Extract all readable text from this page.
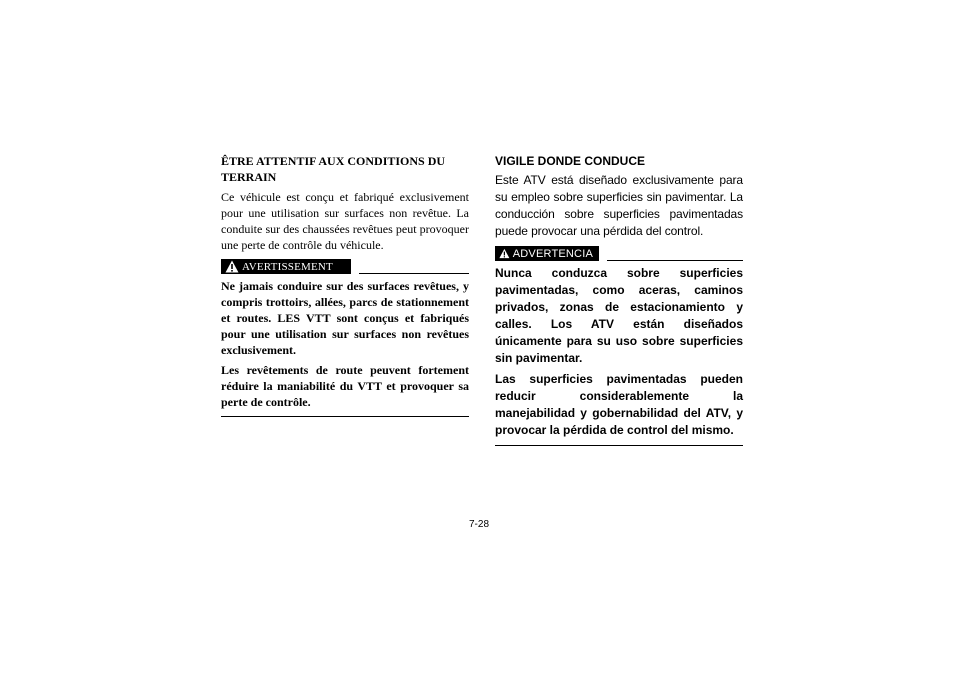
ÊTRE ATTENTIF AUX CONDITIONS DU TERRAIN
Ce véhicule est conçu et fabriqué exclusivement pour une utilisation sur surfaces non revêtue. La conduite sur des chaussées revêtues peut provoquer une perte de contrôle du véhicule.
AVERTISSEMENT
Ne jamais conduire sur des surfaces revêtues, y compris trottoirs, allées, parcs de stationnement et routes. LES VTT sont conçus et fabriqués pour une utilisation sur surfaces non revêtues exclusivement.
Les revêtements de route peuvent fortement réduire la maniabilité du VTT et provoquer sa perte de contrôle.
VIGILE DONDE CONDUCE
Este ATV está diseñado exclusivamente para su empleo sobre superficies sin pavimentar. La conducción sobre superficies pavimentadas puede provocar una pérdida del control.
ADVERTENCIA
Nunca conduzca sobre superficies pavimentadas, como aceras, caminos privados, zonas de estacionamiento y calles. Los ATV están diseñados únicamente para su uso sobre superficies sin pavimentar.
Las superficies pavimentadas pueden reducir considerablemente la manejabilidad y gobernabilidad del ATV, y provocar la pérdida de control del mismo.
7-28
